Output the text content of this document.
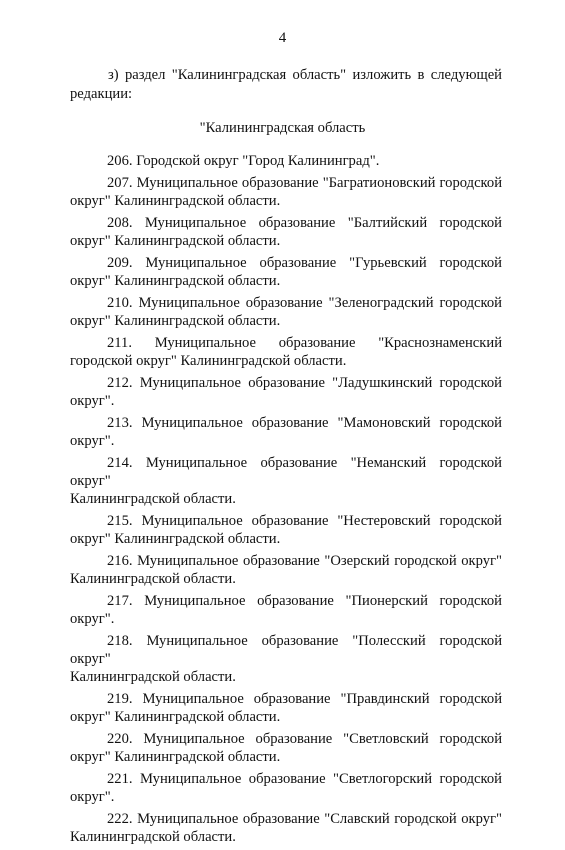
4
з) раздел "Калининградская область" изложить в следующей
редакции:
"Калининградская область
206. Городской округ "Город Калининград".
207. Муниципальное образование "Багратионовский городской
округ" Калининградской области.
208. Муниципальное образование "Балтийский городской
округ" Калининградской области.
209. Муниципальное образование "Гурьевский городской
округ" Калининградской области.
210. Муниципальное образование "Зеленоградский городской
округ" Калининградской области.
211. Муниципальное образование "Краснознаменский
городской округ" Калининградской области.
212. Муниципальное образование "Ладушкинский городской
округ".
213. Муниципальное образование "Мамоновский городской
округ".
214. Муниципальное образование "Неманский городской округ"
Калининградской области.
215. Муниципальное образование "Нестеровский городской
округ" Калининградской области.
216. Муниципальное образование "Озерский городской округ"
Калининградской области.
217. Муниципальное образование "Пионерский городской
округ".
218. Муниципальное образование "Полесский городской округ"
Калининградской области.
219. Муниципальное образование "Правдинский городской
округ" Калининградской области.
220. Муниципальное образование "Светловский городской
округ" Калининградской области.
221. Муниципальное образование "Светлогорский городской
округ".
222. Муниципальное образование "Славский городской округ"
Калининградской области.
